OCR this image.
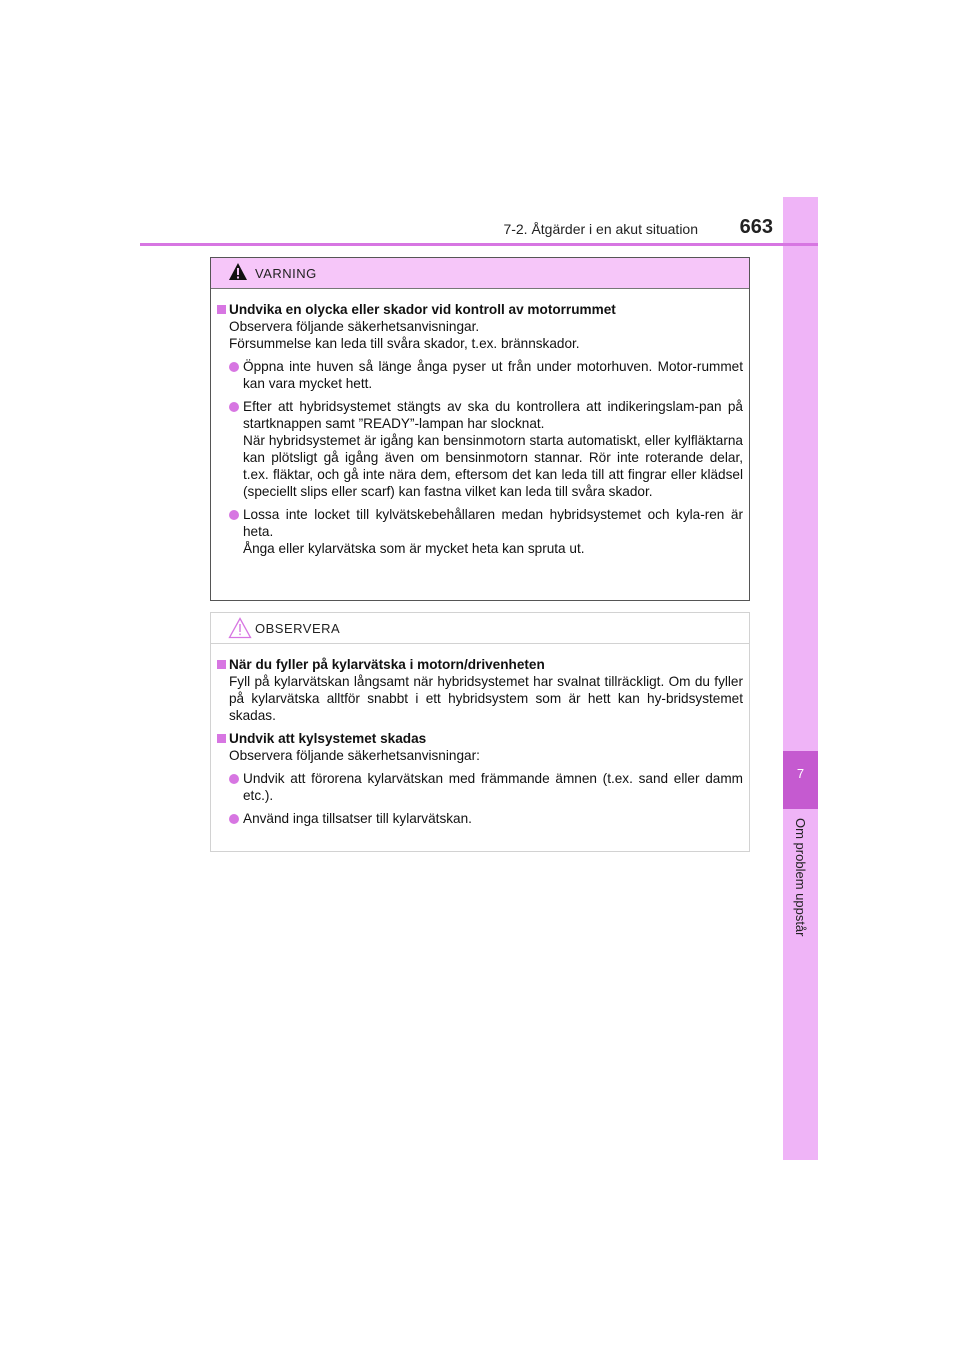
7
Om problem uppstår
7-2. Åtgärder i en akut situation	663
VARNING
Undvika en olycka eller skador vid kontroll av motorrummet
Observera följande säkerhetsanvisningar.
Försummelse kan leda till svåra skador, t.ex. brännskador.

Öppna inte huven så länge ånga pyser ut från under motorhuven. Motor-rummet kan vara mycket hett.

Efter att hybridsystemet stängts av ska du kontrollera att indikeringslam-pan på startknappen samt ”READY”-lampan har slocknat.

När hybridsystemet är igång kan bensinmotorn starta automatiskt, eller kylfläktarna kan plötsligt gå igång även om bensinmotorn stannar. Rör inte roterande delar, t.ex. fläktar, och gå inte nära dem, eftersom det kan leda till att fingrar eller klädsel (speciellt slips eller scarf) kan fastna vilket kan leda till svåra skador.

Lossa inte locket till kylvätskebehållaren medan hybridsystemet och kyla-ren är heta.

Ånga eller kylarvätska som är mycket heta kan spruta ut.

OBSERVERA
När du fyller på kylarvätska i motorn/drivenheten
Fyll på kylarvätskan långsamt när hybridsystemet har svalnat tillräckligt. Om du fyller på kylarvätska alltför snabbt i ett hybridsystem som är hett kan hy-bridsystemet skadas.
Undvik att kylsystemet skadas
Observera följande säkerhetsanvisningar:

Undvik att förorena kylarvätskan med främmande ämnen (t.ex. sand eller damm etc.).

Använd inga tillsatser till kylarvätskan.
